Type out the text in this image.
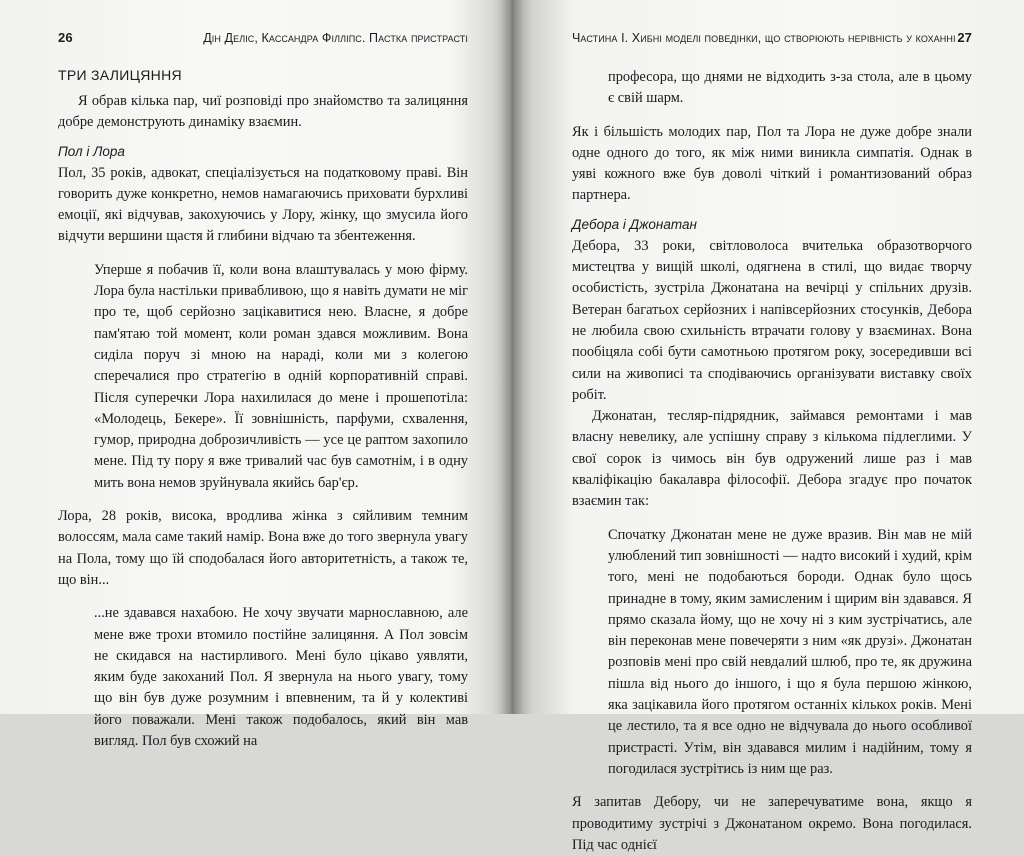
26	Дін Деліс, Кассандра Філліпс. Пастка пристрасті
ТРИ ЗАЛИЦЯННЯ

Я обрав кілька пар, чиї розповіді про знайомство та залицяння добре демонструють динаміку взаємин.

Пол і Лора

Пол, 35 років, адвокат, спеціалізується на податковому праві. Він говорить дуже конкретно, немов намагаючись приховати бурхливі емоції, які відчував, закохуючись у Лору, жінку, що змусила його відчути вершини щастя й глибини відчаю та збентеження.

Уперше я побачив її, коли вона влаштувалась у мою фірму. Лора була настільки привабливою, що я навіть думати не міг про те, щоб серйозно зацікавитися нею. Власне, я добре пам'ятаю той момент, коли роман здався можливим. Вона сиділа поруч зі мною на нараді, коли ми з колегою сперечалися про стратегію в одній корпоративній справі. Після суперечки Лора нахилилася до мене і прошепотіла: «Молодець, Бекере». Її зовнішність, парфуми, схвалення, гумор, природна доброзичливість — усе це раптом захопило мене. Під ту пору я вже тривалий час був самотнім, і в одну мить вона немов зруйнувала якийсь бар'єр.

Лора, 28 років, висока, вродлива жінка з сяйливим темним волоссям, мала саме такий намір. Вона вже до того звернула увагу на Пола, тому що їй сподобалася його авторитетність, а також те, що він...

...не здавався нахабою. Не хочу звучати марнославною, але мене вже трохи втомило постійне залицяння. А Пол зовсім не скидався на настирливого. Мені було цікаво уявляти, яким буде закоханий Пол. Я звернула на нього увагу, тому що він був дуже розумним і впевненим, та й у колективі його поважали. Мені також подобалось, який він мав вигляд. Пол був схожий на

Частина I. Хибні моделі поведінки, що створюють нерівність у коханні 27

професора, що днями не відходить з-за стола, але в цьому є свій шарм.

Як і більшість молодих пар, Пол та Лора не дуже добре знали одне одного до того, як між ними виникла симпатія. Однак в уяві кожного вже був доволі чіткий і романтизований образ партнера.

Дебора і Джонатан

Дебора, 33 роки, світловолоса вчителька образотворчого мистецтва у вищій школі, одягнена в стилі, що видає творчу особистість, зустріла Джонатана на вечірці у спільних друзів. Ветеран багатьох серйозних і напівсерйозних стосунків, Дебора не любила свою схильність втрачати голову у взаєминах. Вона пообіцяла собі бути самотньою протягом року, зосередивши всі сили на живописі та сподіваючись організувати виставку своїх робіт.

Джонатан, тесляр-підрядник, займався ремонтами і мав власну невелику, але успішну справу з кількома підлеглими. У свої сорок із чимось він був одружений лише раз і мав кваліфікацію бакалавра філософії. Дебора згадує про початок взаємин так:

Спочатку Джонатан мене не дуже вразив. Він мав не мій улюблений тип зовнішності — надто високий і худий, крім того, мені не подобаються бороди. Однак було щось принадне в тому, яким замисленим і щирим він здавався. Я прямо сказала йому, що не хочу ні з ким зустрічатись, але він переконав мене повечеряти з ним «як друзі». Джонатан розповів мені про свій невдалий шлюб, про те, як дружина пішла від нього до іншого, і що я була першою жінкою, яка зацікавила його протягом останніх кількох років. Мені це лестило, та я все одно не відчувала до нього особливої пристрасті. Утім, він здавався милим і надійним, тому я погодилася зустрітись із ним ще раз.

Я запитав Дебору, чи не заперечуватиме вона, якщо я проводитиму зустрічі з Джонатаном окремо. Вона погодилася. Під час однієї
